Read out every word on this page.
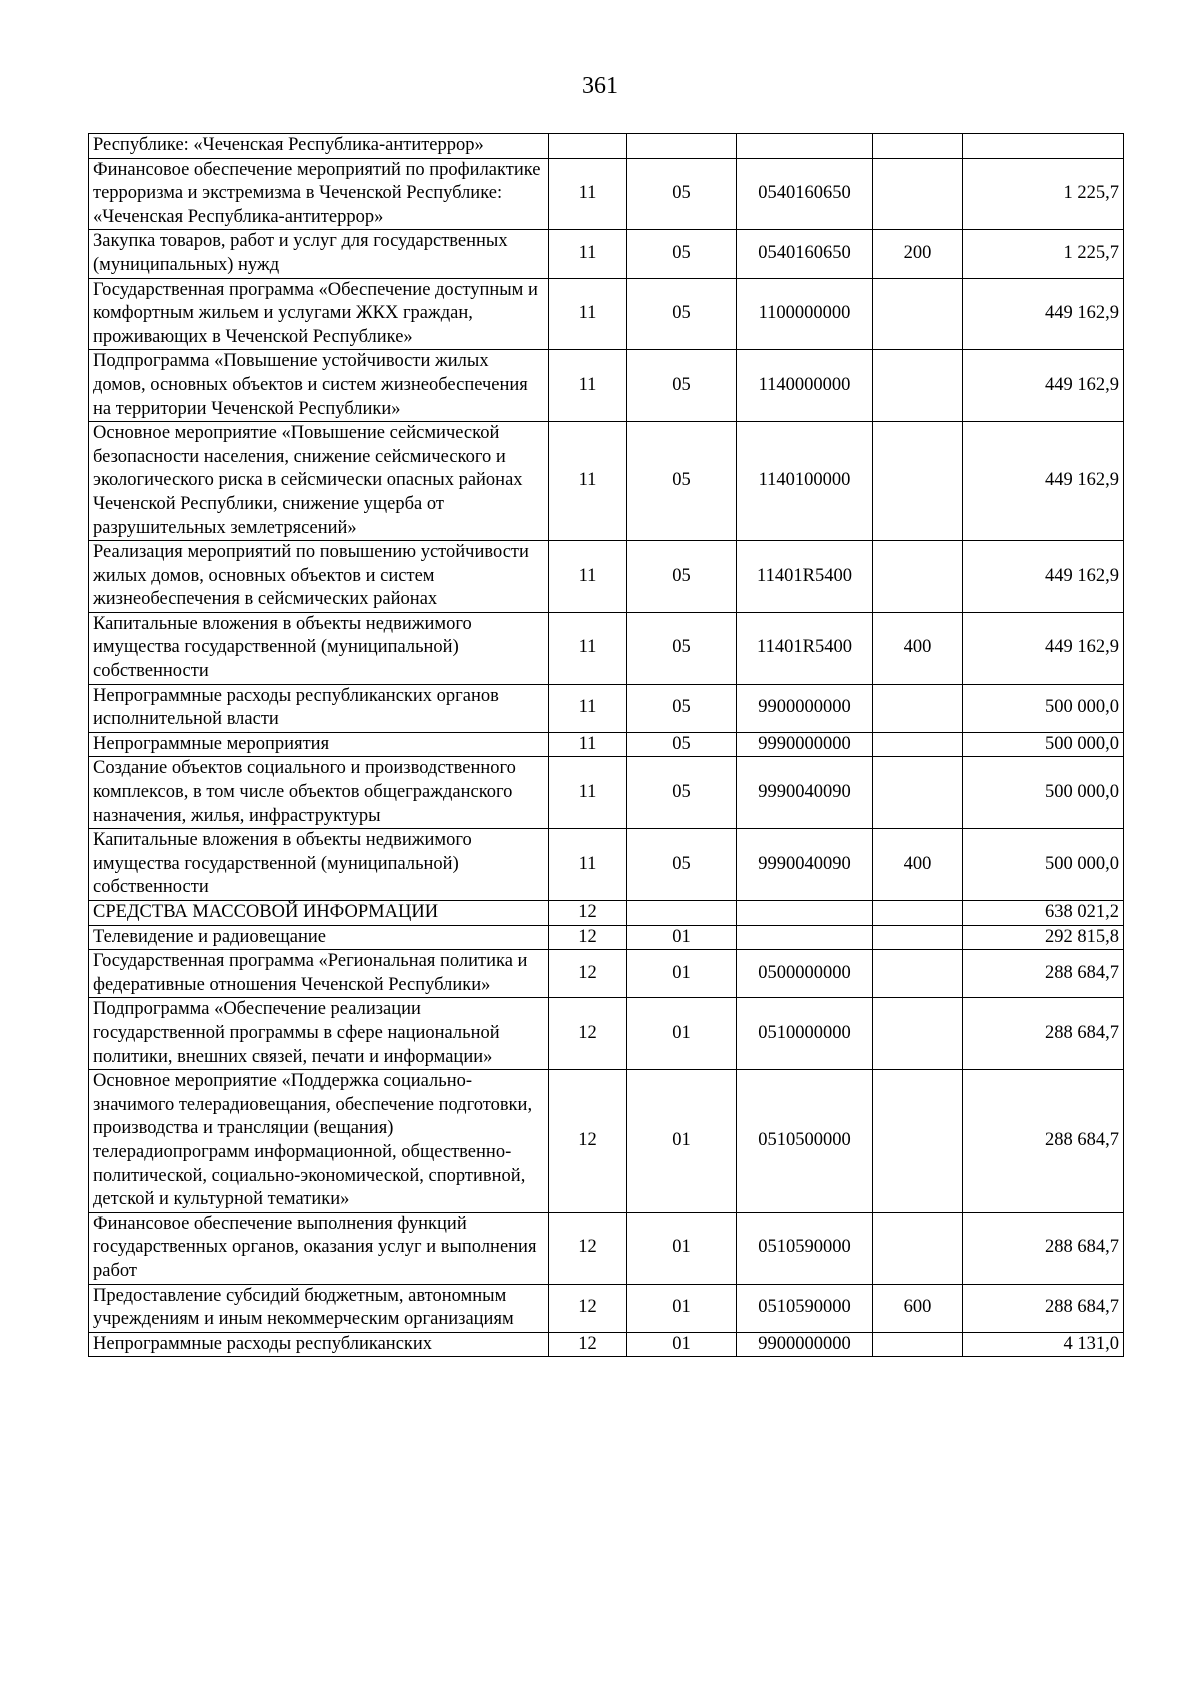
361
Республике: «Чеченская Республика-антитеррор»					
Финансовое обеспечение мероприятий по профилактике терроризма и экстремизма в Чеченской Республике: «Чеченская Республика-антитеррор»	11	05	0540160650		1 225,7
Закупка товаров, работ и услуг для государственных (муниципальных) нужд	11	05	0540160650	200	1 225,7
Государственная программа «Обеспечение доступным и комфортным жильем и услугами ЖКХ граждан, проживающих в Чеченской Республике»	11	05	1100000000		449 162,9
Подпрограмма «Повышение устойчивости жилых домов, основных объектов и систем жизнеобеспечения на территории Чеченской Республики»	11	05	1140000000		449 162,9
Основное мероприятие «Повышение сейсмической безопасности населения, снижение сейсмического и экологического риска в сейсмически опасных районах Чеченской Республики, снижение ущерба от разрушительных землетрясений»	11	05	1140100000		449 162,9
Реализация мероприятий по повышению устойчивости жилых домов, основных объектов и систем жизнеобеспечения в сейсмических районах	11	05	11401R5400		449 162,9
Капитальные вложения в объекты недвижимого имущества государственной (муниципальной) собственности	11	05	11401R5400	400	449 162,9
Непрограммные расходы республиканских органов исполнительной власти	11	05	9900000000		500 000,0
Непрограммные мероприятия	11	05	9990000000		500 000,0
Создание объектов социального и производственного комплексов, в том числе объектов общегражданского назначения, жилья, инфраструктуры	11	05	9990040090		500 000,0
Капитальные вложения в объекты недвижимого имущества государственной (муниципальной) собственности	11	05	9990040090	400	500 000,0
СРЕДСТВА МАССОВОЙ ИНФОРМАЦИИ	12				638 021,2
Телевидение и радиовещание	12	01			292 815,8
Государственная программа «Региональная политика и федеративные отношения Чеченской Республики»	12	01	0500000000		288 684,7
Подпрограмма «Обеспечение реализации государственной программы в сфере национальной политики, внешних связей, печати и информации»	12	01	0510000000		288 684,7
Основное мероприятие «Поддержка социально-значимого телерадиовещания, обеспечение подготовки, производства и трансляции (вещания) телерадиопрограмм информационной, общественно-политической, социально-экономической, спортивной, детской и культурной тематики»	12	01	0510500000		288 684,7
Финансовое обеспечение выполнения функций государственных органов, оказания услуг и выполнения работ	12	01	0510590000		288 684,7
Предоставление субсидий бюджетным, автономным учреждениям и иным некоммерческим организациям	12	01	0510590000	600	288 684,7
Непрограммные расходы республиканских	12	01	9900000000		4 131,0
